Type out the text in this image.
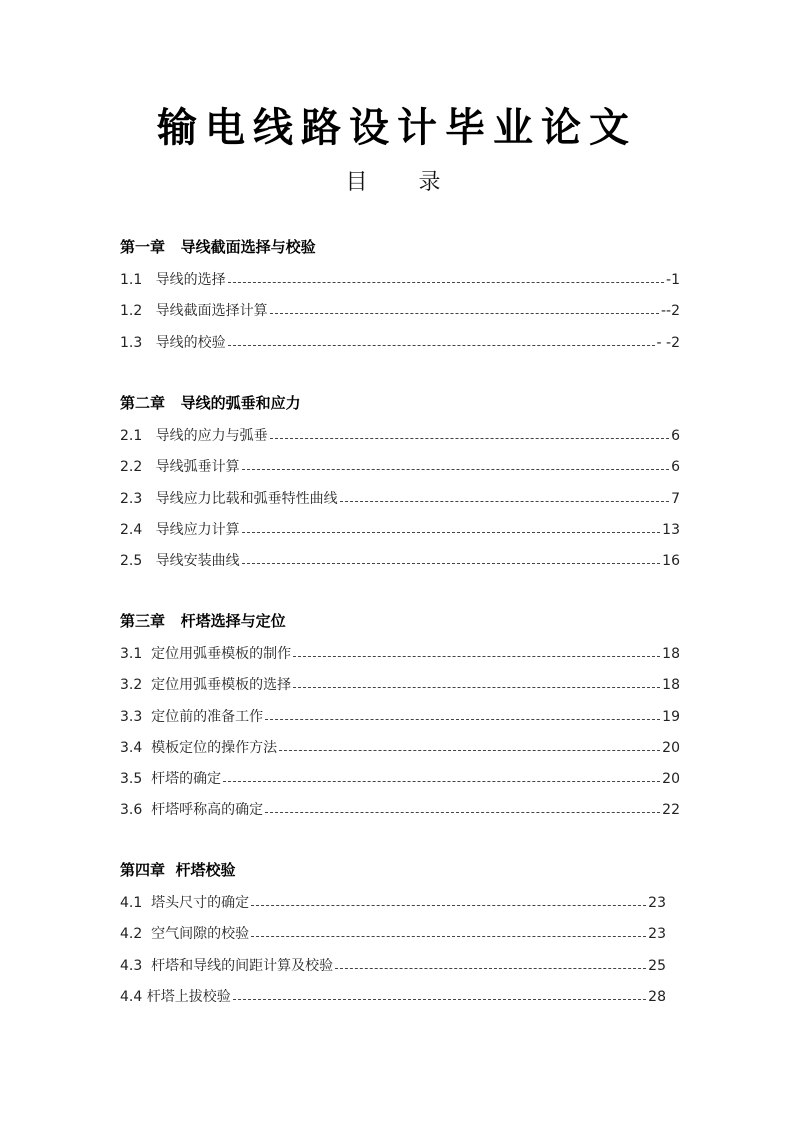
输电线路设计毕业论文
目 录
第一章   导线截面选择与校验
1.1 导线的选择	-1
1.2 导线截面选择计算	--2
1.3 导线的校验	- -2
第二章   导线的弧垂和应力
2.1 导线的应力与弧垂	6
2.2 导线弧垂计算	6
2.3 导线应力比载和弧垂特性曲线	7
2.4 导线应力计算	13
2.5 导线安装曲线	16
第三章   杆塔选择与定位
3.1 定位用弧垂模板的制作	18
3.2 定位用弧垂模板的选择	18
3.3 定位前的准备工作	19
3.4 模板定位的操作方法	20
3.5 杆塔的确定	20
3.6 杆塔呼称高的确定	22
第四章  杆塔校验
4.1 塔头尺寸的确定	23
4.2 空气间隙的校验	23
4.3 杆塔和导线的间距计算及校验	25
4.4 杆塔上拔校验	28
